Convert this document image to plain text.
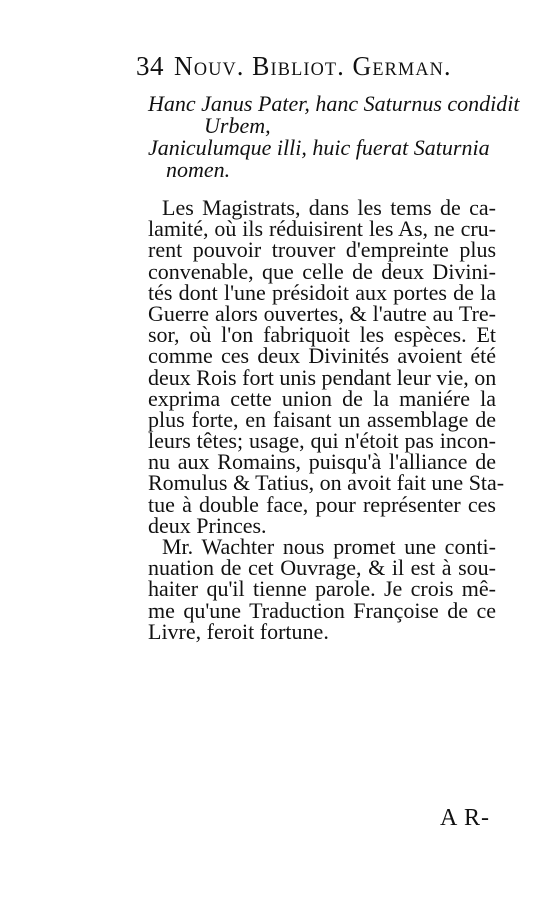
34 Nouv. Bibliot. German.
Hanc Janus Pater, hanc Saturnus condidit
Urbem,
Janiculumque illi, huic fuerat Saturnia
nomen.
Les Magistrats, dans les tems de ca-
lamité, où ils réduisirent les As, ne cru-
rent pouvoir trouver d'empreinte plus
convenable, que celle de deux Divini-
tés dont l'une présidoit aux portes de la
Guerre alors ouvertes, & l'autre au Tre-
sor, où l'on fabriquoit les espèces. Et
comme ces deux Divinités avoient été
deux Rois fort unis pendant leur vie, on
exprima cette union de la maniére la
plus forte, en faisant un assemblage de
leurs têtes; usage, qui n'étoit pas incon-
nu aux Romains, puisqu'à l'alliance de
Romulus & Tatius, on avoit fait une Sta-
tue à double face, pour représenter ces
deux Princes.
Mr. Wachter nous promet une conti-
nuation de cet Ouvrage, & il est à sou-
haiter qu'il tienne parole. Je crois mê-
me qu'une Traduction Françoise de ce
Livre, feroit fortune.
A R-
